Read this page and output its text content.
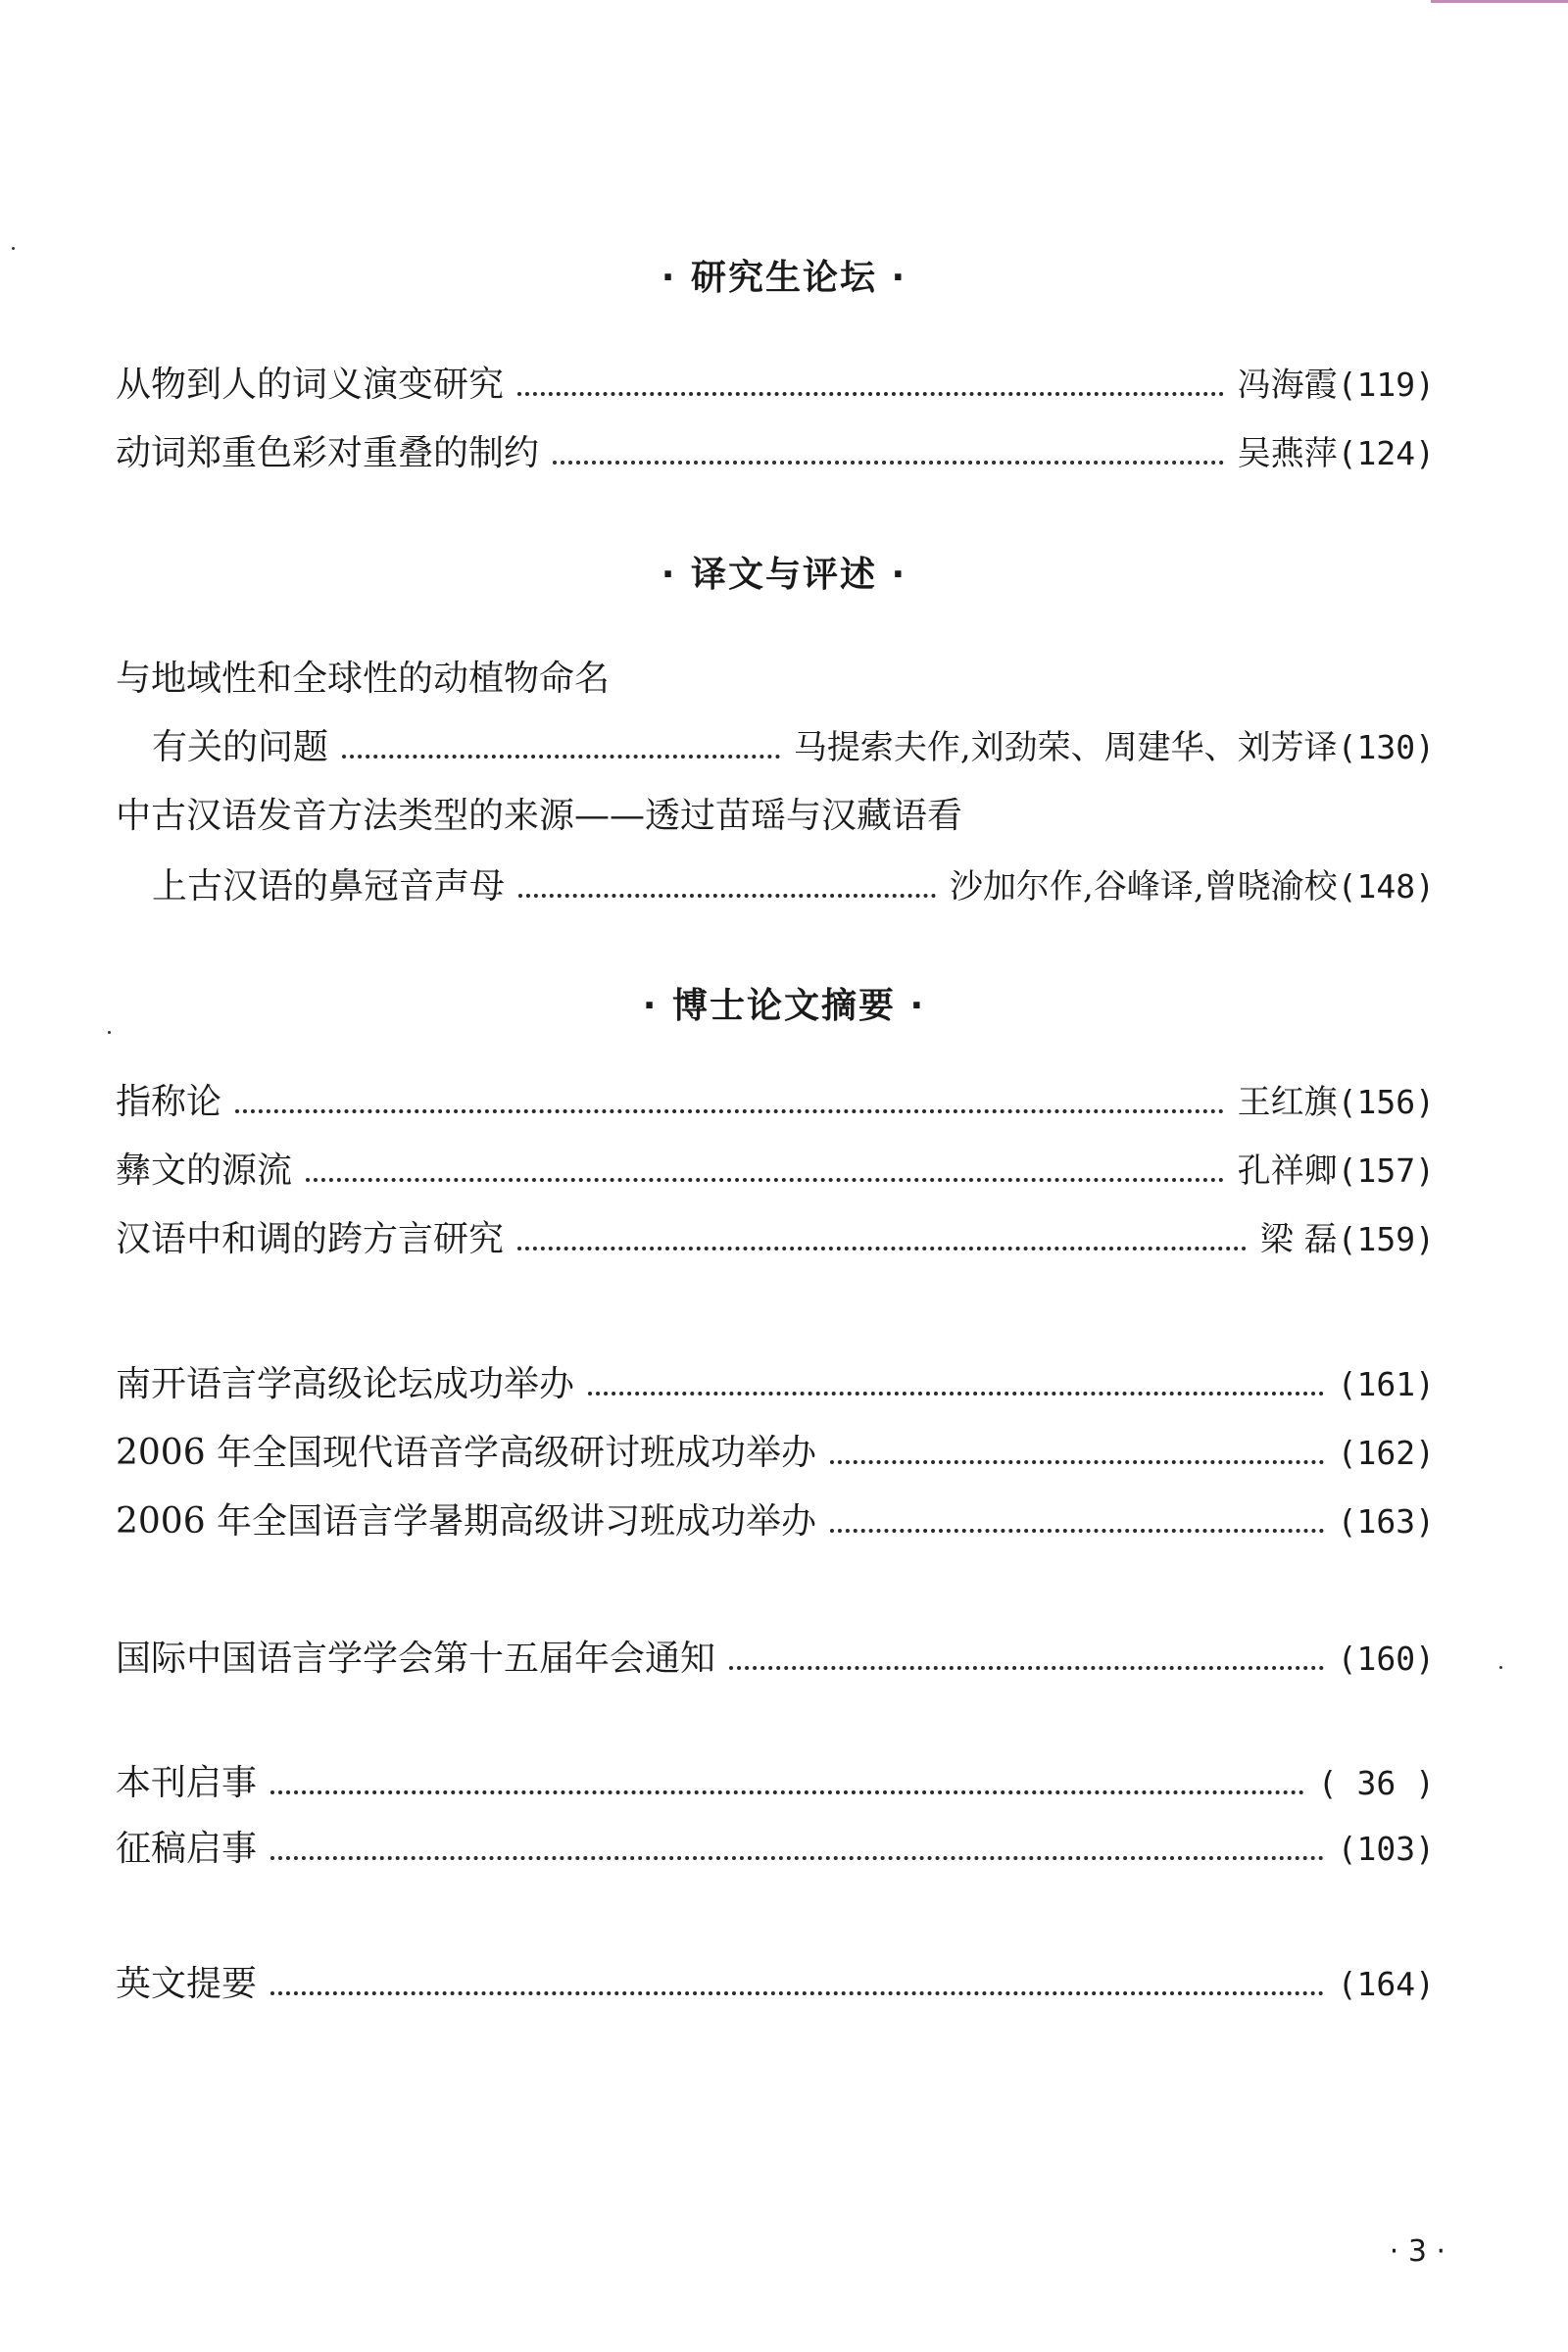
· 研究生论坛 ·
从物到人的词义演变研究	冯海霞 (119)
动词郑重色彩对重叠的制约	吴燕萍 (124)
· 译文与评述 ·
与地域性和全球性的动植物命名
有关的问题	马提索夫作,刘劲荣、周建华、刘芳译 (130)
中古汉语发音方法类型的来源——透过苗瑶与汉藏语看
上古汉语的鼻冠音声母	沙加尔作,谷峰译,曾晓渝校 (148)
· 博士论文摘要 ·
指称论	王红旗 (156)
彝文的源流	孔祥卿 (157)
汉语中和调的跨方言研究	梁 磊 (159)
南开语言学高级论坛成功举办	(161)
2006 年全国现代语音学高级研讨班成功举办	(162)
2006 年全国语言学暑期高级讲习班成功举办	(163)
国际中国语言学学会第十五届年会通知	(160)
本刊启事	( 36 )
征稿启事	(103)
英文提要	(164)
· 3 ·
